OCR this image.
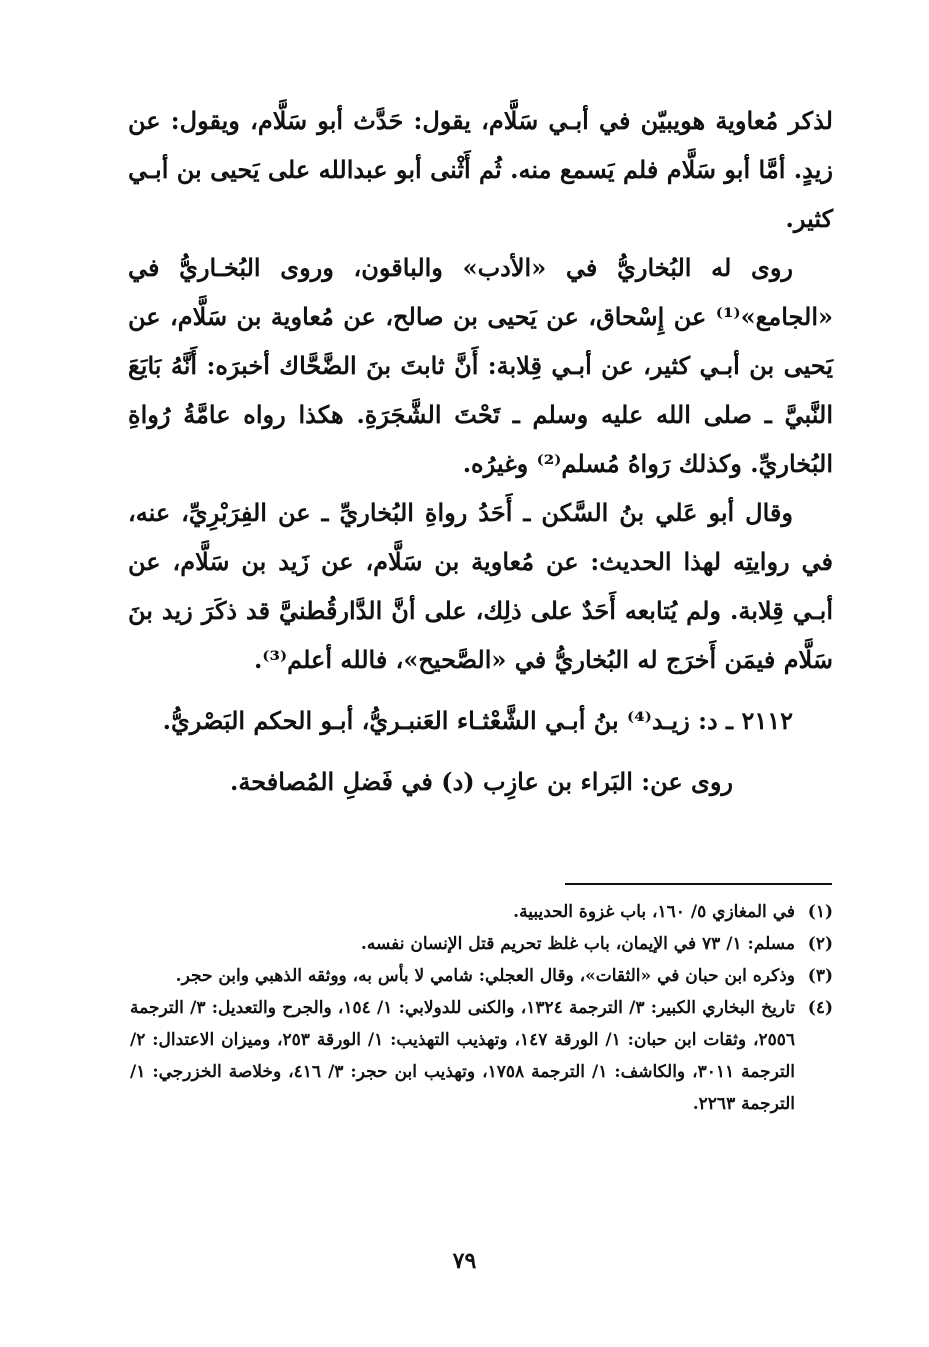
لذكر مُعاوية هويبيّن في أبـي سَلَّام، يقول: حَدَّث أبو سَلَّام، ويقول: عن زيدٍ. أمَّا أبو سَلَّام فلم يَسمع منه. ثُم أَثْنى أبو عبدالله على يَحيى بن أبـي كثير.

روى له البُخاريُّ في «الأدب» والباقون، وروى البُخـاريُّ في «الجامع»⁽¹⁾ عن إِسْحاق، عن يَحيى بن صالح، عن مُعاوية بن سَلَّام، عن يَحيى بن أبـي كثير، عن أبـي قِلابة: أَنَّ ثابتَ بنَ الضَّحَّاك أخبرَه: أَنَّهُ بَايَعَ النَّبيَّ ـ صلى الله عليه وسلم ـ تَحْتَ الشَّجَرَةِ. هكذا رواه عامَّةُ رُواةِ البُخاريِّ. وكذلك رَواهُ مُسلم⁽²⁾ وغيرُه.

وقال أبو عَلي بنُ السَّكن ـ أَحَدُ رواةِ البُخاريِّ ـ عن الفِرَبْرِيِّ، عنه، في روايتِه لهذا الحديث: عن مُعاوية بن سَلَّام، عن زَيد بن سَلَّام، عن أبـي قِلابة. ولم يُتابعه أَحَدٌ على ذلِك، على أنَّ الدَّارقُطنيَّ قد ذكَرَ زيد بنَ سَلَّام فيمَن أَخرَج له البُخاريُّ في «الصَّحيح»، فالله أعلم⁽³⁾.

٢١١٢ ـ د: زيـد⁽⁴⁾ بنُ أبـي الشَّعْثـاء العَنبـريُّ، أبـو الحكم البَصْريُّ.

روى عن: البَراء بن عازِب (د) في فَضلِ المُصافحة.

(١)
في المغازي ٥/ ١٦٠، باب غزوة الحديبية.
(٢)
مسلم: ١/ ٧٣ في الإيمان، باب غلظ تحريم قتل الإنسان نفسه.
(٣)
وذكره ابن حبان في «الثقات»، وقال العجلي: شامي لا بأس به، ووثقه الذهبي وابن حجر.
(٤)
تاريخ البخاري الكبير: ٣/ الترجمة ١٣٢٤، والكنى للدولابي: ١/ ١٥٤، والجرح والتعديل: ٣/ الترجمة ٢٥٥٦، وثقات ابن حبان: ١/ الورقة ١٤٧، وتهذيب التهذيب: ١/ الورقة ٢٥٣، وميزان الاعتدال: ٢/ الترجمة ٣٠١١، والكاشف: ١/ الترجمة ١٧٥٨، وتهذيب ابن حجر: ٣/ ٤١٦، وخلاصة الخزرجي: ١/ الترجمة ٢٢٦٣.
٧٩
